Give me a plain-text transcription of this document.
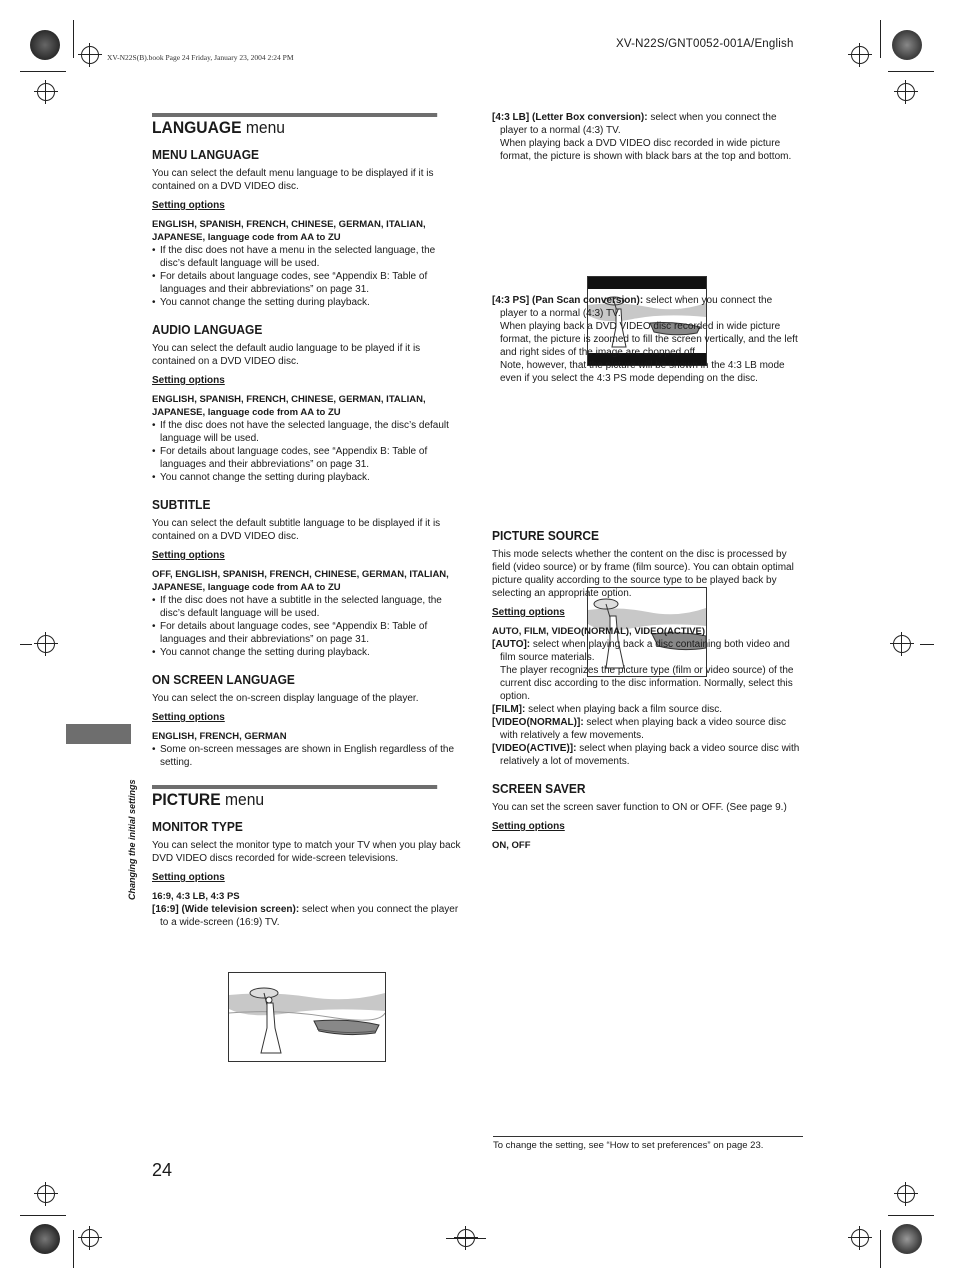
XV-N22S/GNT0052-001A/English
XV-N22S(B).book Page 24 Friday, January 23, 2004 2:24 PM
Changing the initial settings
LANGUAGE menu
MENU LANGUAGE

You can select the default menu language to be displayed if it is contained on a DVD VIDEO disc.

Setting options

ENGLISH, SPANISH, FRENCH, CHINESE, GERMAN, ITALIAN, JAPANESE, language code from AA to ZU

• If the disc does not have a menu in the selected language, the disc’s default language will be used.
• For details about language codes, see “Appendix B: Table of languages and their abbreviations” on page 31.
• You cannot change the setting during playback.
AUDIO LANGUAGE

You can select the default audio language to be played if it is contained on a DVD VIDEO disc.

Setting options

ENGLISH, SPANISH, FRENCH, CHINESE, GERMAN, ITALIAN, JAPANESE, language code from AA to ZU

• If the disc does not have the selected language, the disc’s default language will be used.
• For details about language codes, see “Appendix B: Table of languages and their abbreviations” on page 31.
• You cannot change the setting during playback.
SUBTITLE

You can select the default subtitle language to be displayed if it is contained on a DVD VIDEO disc.

Setting options

OFF, ENGLISH, SPANISH, FRENCH, CHINESE, GERMAN, ITALIAN, JAPANESE, language code from AA to ZU

• If the disc does not have a subtitle in the selected language, the disc’s default language will be used.
• For details about language codes, see “Appendix B: Table of languages and their abbreviations” on page 31.
• You cannot change the setting during playback.
ON SCREEN LANGUAGE

You can select the on-screen display language of the player.

Setting options

ENGLISH, FRENCH, GERMAN

• Some on-screen messages are shown in English regardless of the setting.
PICTURE menu
MONITOR TYPE

You can select the monitor type to match your TV when you play back DVD VIDEO discs recorded for wide-screen televisions.

Setting options

16:9, 4:3 LB, 4:3 PS

[16:9] (Wide television screen): select when you connect the player to a wide-screen (16:9) TV.

[4:3 LB] (Letter Box conversion): select when you connect the player to a normal (4:3) TV.

When playing back a DVD VIDEO disc recorded in wide picture format, the picture is shown with black bars at the top and bottom.

[4:3 PS] (Pan Scan conversion): select when you connect the player to a normal (4:3) TV.

When playing back a DVD VIDEO disc recorded in wide picture format, the picture is zoomed to fill the screen vertically, and the left and right sides of the image are chopped off.

Note, however, that the picture will be shown in the 4:3 LB mode even if you select the 4:3 PS mode depending on the disc.

PICTURE SOURCE

This mode selects whether the content on the disc is processed by field (video source) or by frame (film source). You can obtain optimal picture quality according to the source type to be played back by selecting an appropriate option.

Setting options

AUTO, FILM, VIDEO(NORMAL), VIDEO(ACTIVE)

[AUTO]: select when playing back a disc containing both video and film source materials.

The player recognizes the picture type (film or video source) of the current disc according to the disc information. Normally, select this option.

[FILM]: select when playing back a film source disc.

[VIDEO(NORMAL)]: select when playing back a video source disc with relatively a few movements.

[VIDEO(ACTIVE)]: select when playing back a video source disc with relatively a lot of movements.

SCREEN SAVER

You can set the screen saver function to ON or OFF. (See page 9.)

Setting options

ON, OFF

To change the setting, see “How to set preferences” on page 23.
24
